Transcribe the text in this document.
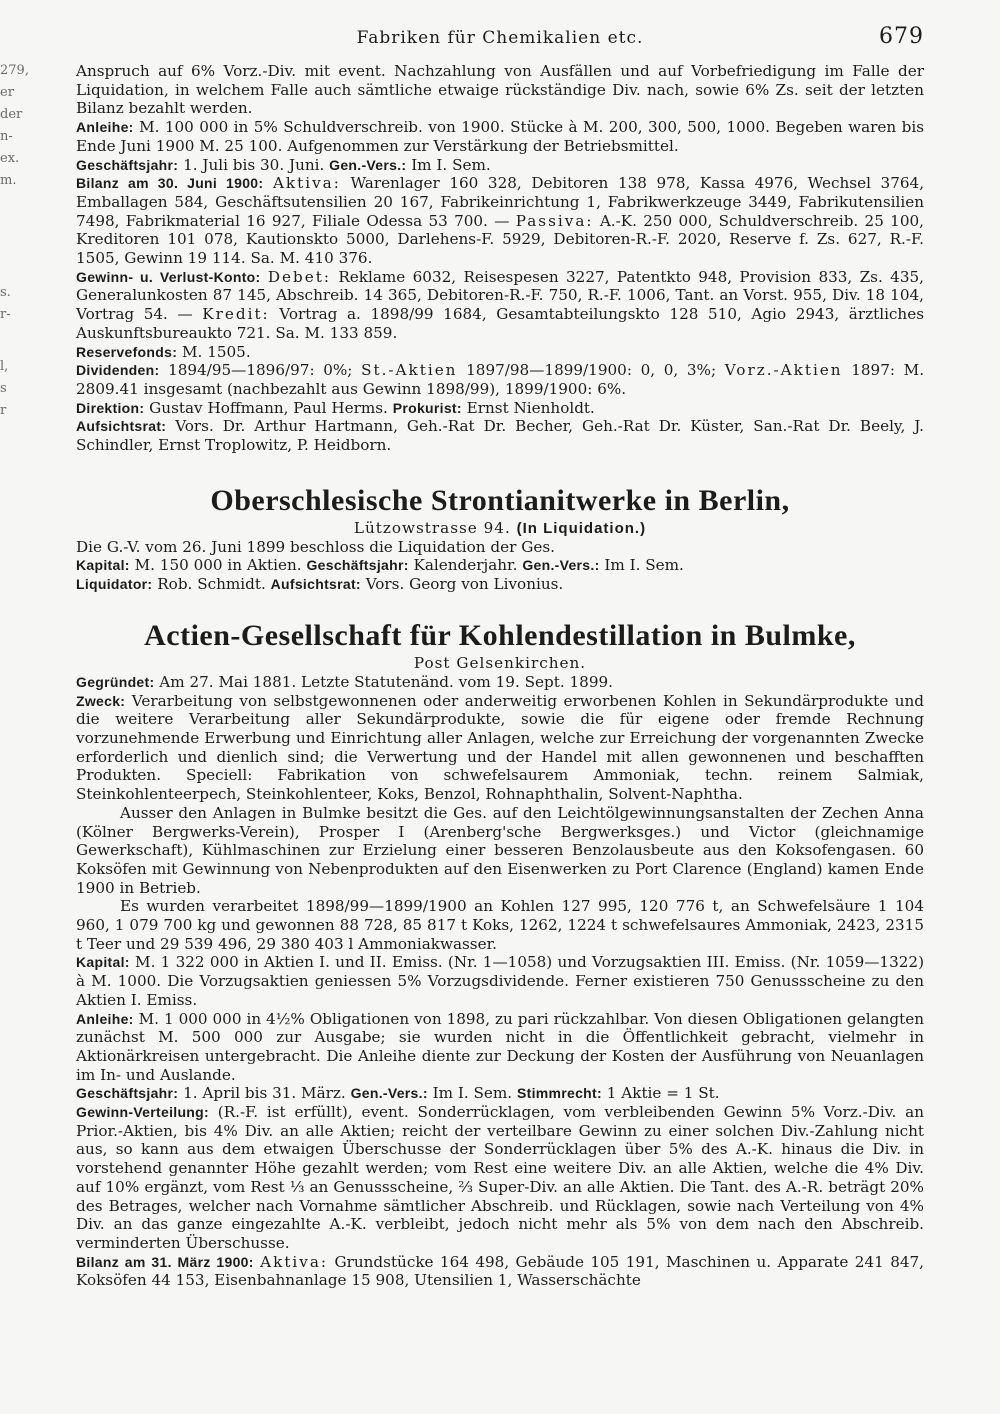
279,
er
der
n-
ex.
m.
s.
r-
l,
s
r
Fabriken für Chemikalien etc.	679

Anspruch auf 6% Vorz.-Div. mit event. Nachzahlung von Ausfällen und auf Vorbefriedigung im Falle der Liquidation, in welchem Falle auch sämtliche etwaige rückständige Div. nach, sowie 6% Zs. seit der letzten Bilanz bezahlt werden.

Anleihe: M. 100 000 in 5% Schuldverschreib. von 1900. Stücke à M. 200, 300, 500, 1000. Begeben waren bis Ende Juni 1900 M. 25 100. Aufgenommen zur Verstärkung der Betriebsmittel.

Geschäftsjahr: 1. Juli bis 30. Juni. Gen.-Vers.: Im I. Sem.

Bilanz am 30. Juni 1900: Aktiva: Warenlager 160 328, Debitoren 138 978, Kassa 4976, Wechsel 3764, Emballagen 584, Geschäftsutensilien 20 167, Fabrikeinrichtung 1, Fabrikwerkzeuge 3449, Fabrikutensilien 7498, Fabrikmaterial 16 927, Filiale Odessa 53 700. — Passiva: A.-K. 250 000, Schuldverschreib. 25 100, Kreditoren 101 078, Kautionskto 5000, Darlehens-F. 5929, Debitoren-R.-F. 2020, Reserve f. Zs. 627, R.-F. 1505, Gewinn 19 114. Sa. M. 410 376.

Gewinn- u. Verlust-Konto: Debet: Reklame 6032, Reisespesen 3227, Patentkto 948, Provision 833, Zs. 435, Generalunkosten 87 145, Abschreib. 14 365, Debitoren-R.-F. 750, R.-F. 1006, Tant. an Vorst. 955, Div. 18 104, Vortrag 54. — Kredit: Vortrag a. 1898/99 1684, Gesamtabteilungskto 128 510, Agio 2943, ärztliches Auskunftsbureaukto 721. Sa. M. 133 859.

Reservefonds: M. 1505.

Dividenden: 1894/95—1896/97: 0%; St.-Aktien 1897/98—1899/1900: 0, 0, 3%; Vorz.-Aktien 1897: M. 2809.41 insgesamt (nachbezahlt aus Gewinn 1898/99), 1899/1900: 6%.

Direktion: Gustav Hoffmann, Paul Herms. Prokurist: Ernst Nienholdt.

Aufsichtsrat: Vors. Dr. Arthur Hartmann, Geh.-Rat Dr. Becher, Geh.-Rat Dr. Küster, San.-Rat Dr. Beely, J. Schindler, Ernst Troplowitz, P. Heidborn.

Oberschlesische Strontianitwerke in Berlin,
Lützowstrasse 94. (In Liquidation.)

Die G.-V. vom 26. Juni 1899 beschloss die Liquidation der Ges.

Kapital: M. 150 000 in Aktien. Geschäftsjahr: Kalenderjahr. Gen.-Vers.: Im I. Sem.

Liquidator: Rob. Schmidt. Aufsichtsrat: Vors. Georg von Livonius.

Actien-Gesellschaft für Kohlendestillation in Bulmke,
Post Gelsenkirchen.

Gegründet: Am 27. Mai 1881. Letzte Statutenänd. vom 19. Sept. 1899.

Zweck: Verarbeitung von selbstgewonnenen oder anderweitig erworbenen Kohlen in Sekundärprodukte und die weitere Verarbeitung aller Sekundärprodukte, sowie die für eigene oder fremde Rechnung vorzunehmende Erwerbung und Einrichtung aller Anlagen, welche zur Erreichung der vorgenannten Zwecke erforderlich und dienlich sind; die Verwertung und der Handel mit allen gewonnenen und beschafften Produkten. Speciell: Fabrikation von schwefelsaurem Ammoniak, techn. reinem Salmiak, Steinkohlenteerpech, Steinkohlenteer, Koks, Benzol, Rohnaphthalin, Solvent-Naphtha.

Ausser den Anlagen in Bulmke besitzt die Ges. auf den Leichtölgewinnungsanstalten der Zechen Anna (Kölner Bergwerks-Verein), Prosper I (Arenberg'sche Bergwerksges.) und Victor (gleichnamige Gewerkschaft), Kühlmaschinen zur Erzielung einer besseren Benzolausbeute aus den Koksofengasen. 60 Koksöfen mit Gewinnung von Nebenprodukten auf den Eisenwerken zu Port Clarence (England) kamen Ende 1900 in Betrieb.

Es wurden verarbeitet 1898/99—1899/1900 an Kohlen 127 995, 120 776 t, an Schwefelsäure 1 104 960, 1 079 700 kg und gewonnen 88 728, 85 817 t Koks, 1262, 1224 t schwefelsaures Ammoniak, 2423, 2315 t Teer und 29 539 496, 29 380 403 l Ammoniakwasser.

Kapital: M. 1 322 000 in Aktien I. und II. Emiss. (Nr. 1—1058) und Vorzugsaktien III. Emiss. (Nr. 1059—1322) à M. 1000. Die Vorzugsaktien geniessen 5% Vorzugsdividende. Ferner existieren 750 Genussscheine zu den Aktien I. Emiss.

Anleihe: M. 1 000 000 in 4½% Obligationen von 1898, zu pari rückzahlbar. Von diesen Obligationen gelangten zunächst M. 500 000 zur Ausgabe; sie wurden nicht in die Öffentlichkeit gebracht, vielmehr in Aktionärkreisen untergebracht. Die Anleihe diente zur Deckung der Kosten der Ausführung von Neuanlagen im In- und Auslande.

Geschäftsjahr: 1. April bis 31. März. Gen.-Vers.: Im I. Sem. Stimmrecht: 1 Aktie = 1 St.

Gewinn-Verteilung: (R.-F. ist erfüllt), event. Sonderrücklagen, vom verbleibenden Gewinn 5% Vorz.-Div. an Prior.-Aktien, bis 4% Div. an alle Aktien; reicht der verteilbare Gewinn zu einer solchen Div.-Zahlung nicht aus, so kann aus dem etwaigen Überschusse der Sonderrücklagen über 5% des A.-K. hinaus die Div. in vorstehend genannter Höhe gezahlt werden; vom Rest eine weitere Div. an alle Aktien, welche die 4% Div. auf 10% ergänzt, vom Rest ⅓ an Genussscheine, ⅔ Super-Div. an alle Aktien. Die Tant. des A.-R. beträgt 20% des Betrages, welcher nach Vornahme sämtlicher Abschreib. und Rücklagen, sowie nach Verteilung von 4% Div. an das ganze eingezahlte A.-K. verbleibt, jedoch nicht mehr als 5% von dem nach den Abschreib. verminderten Überschusse.

Bilanz am 31. März 1900: Aktiva: Grundstücke 164 498, Gebäude 105 191, Maschinen u. Apparate 241 847, Koksöfen 44 153, Eisenbahnanlage 15 908, Utensilien 1, Wasserschächte
